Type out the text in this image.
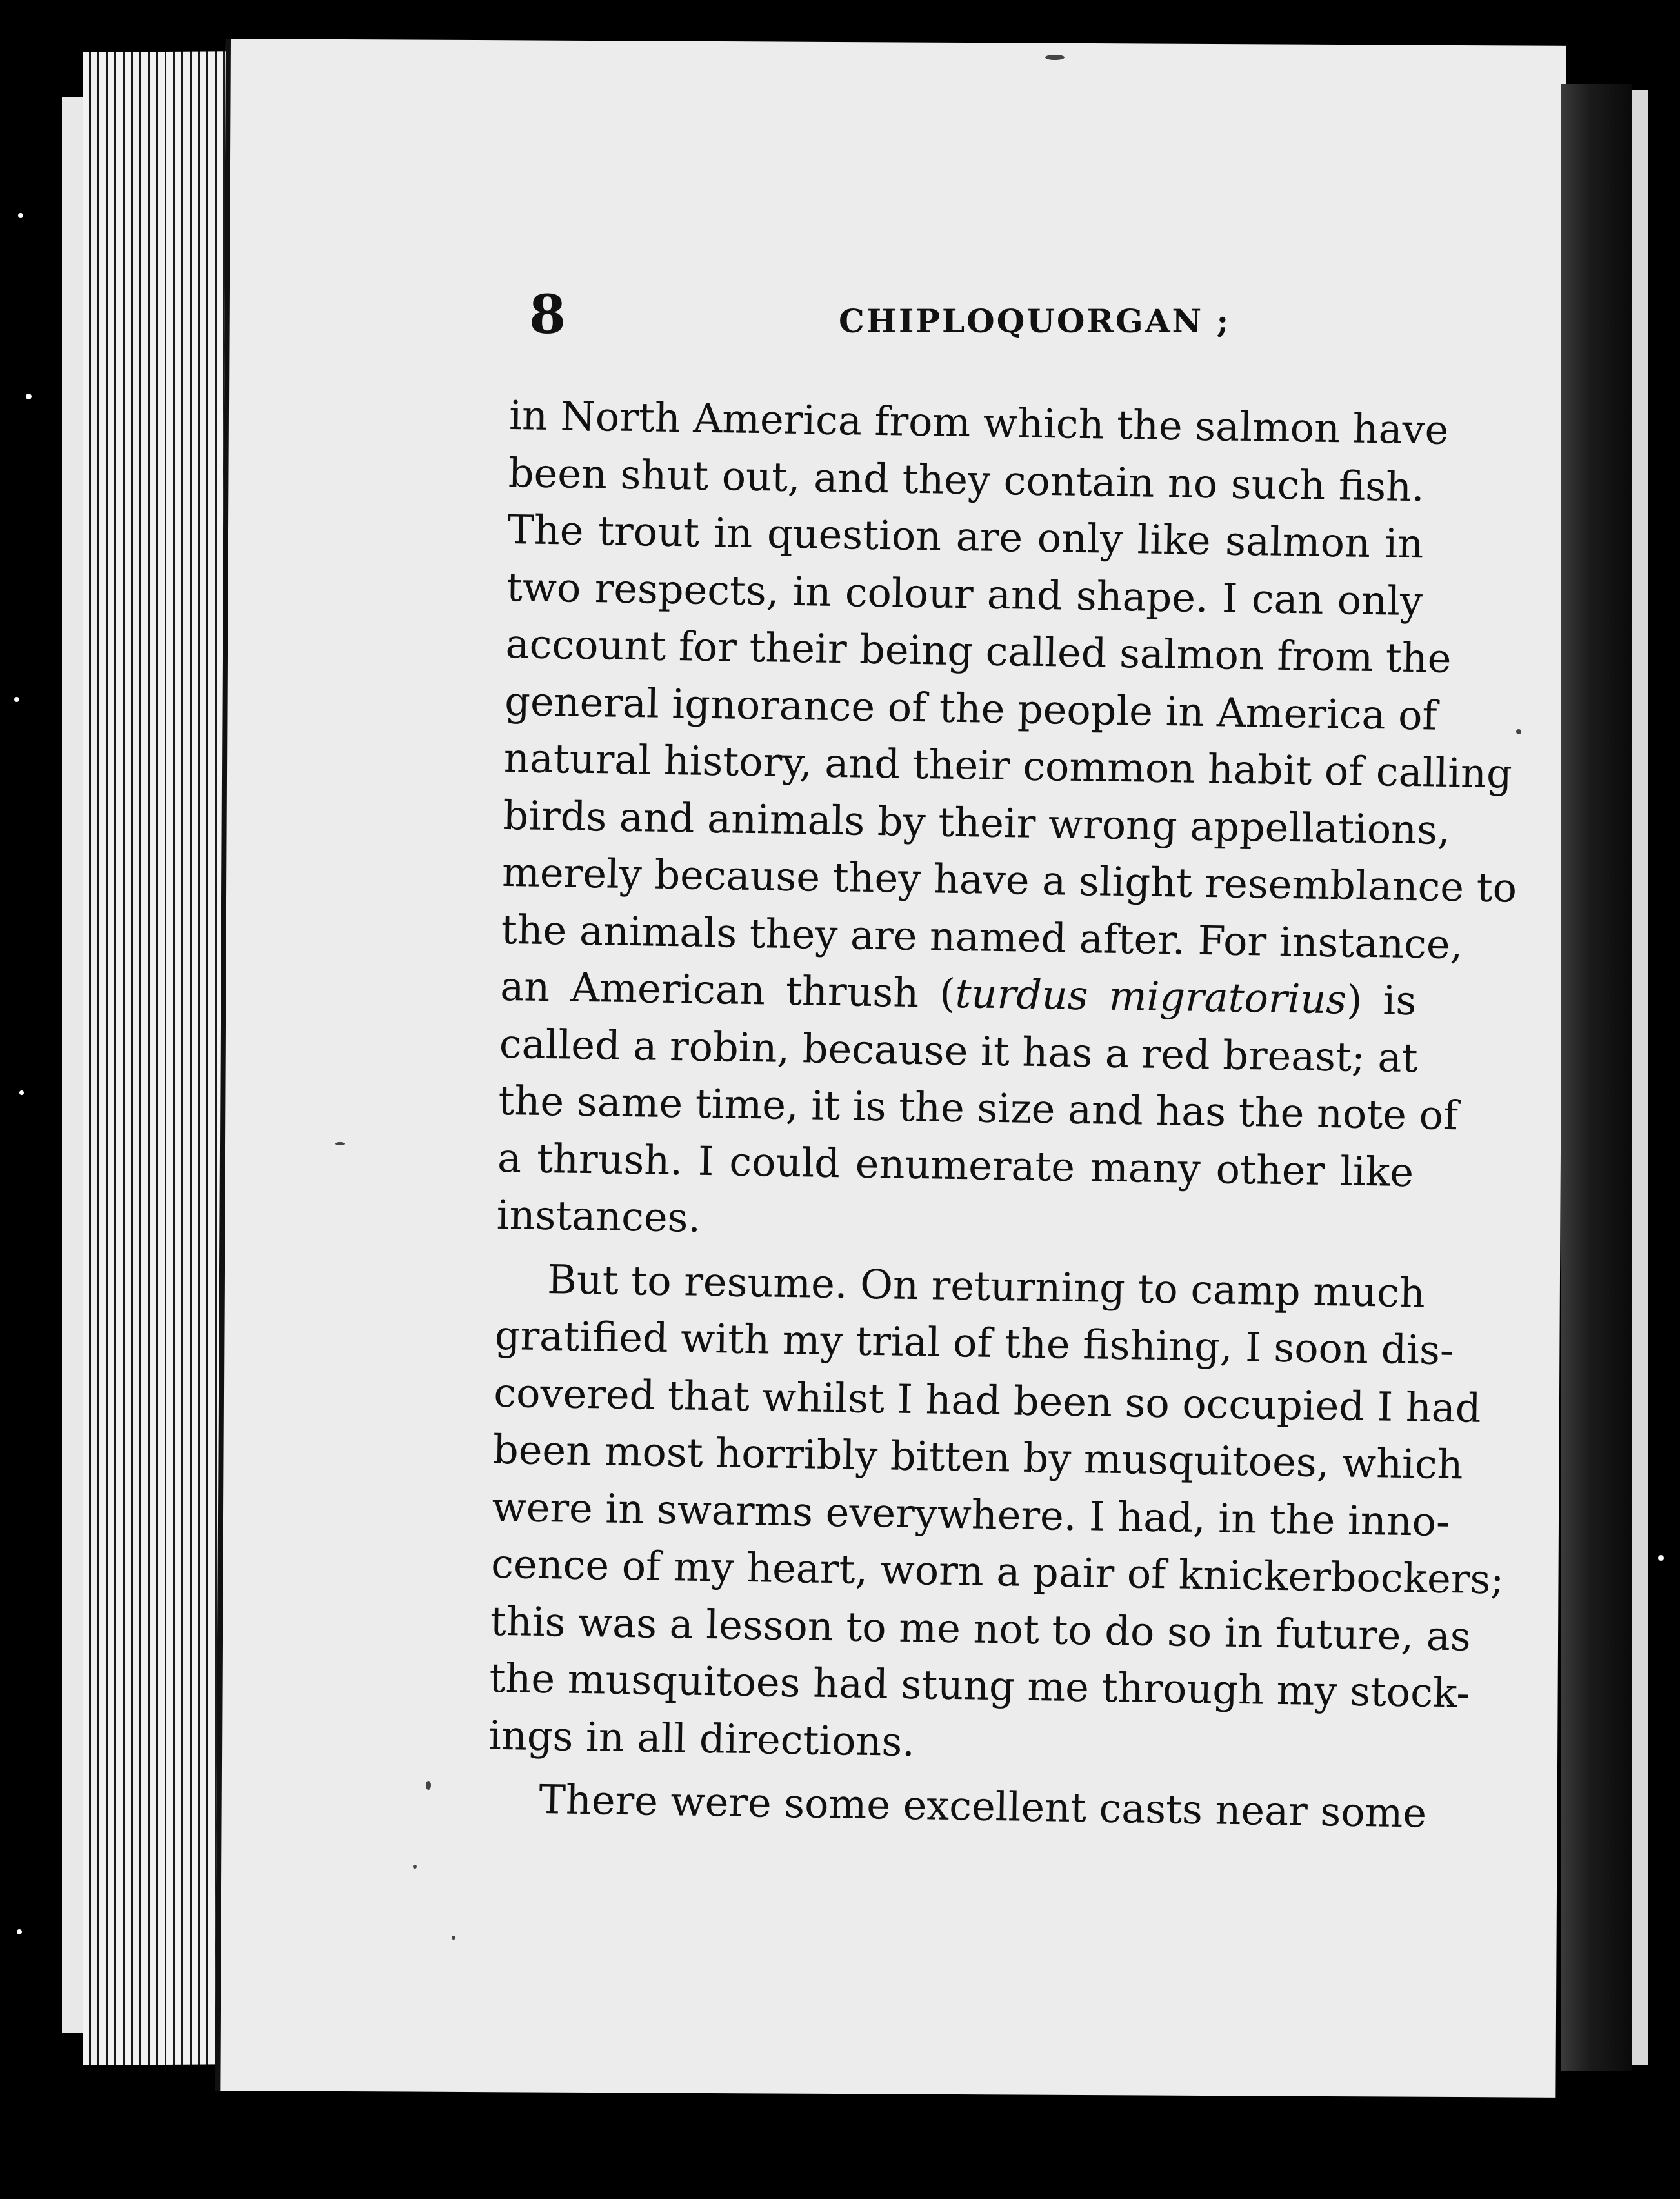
8	CHIPLOQUORGAN ;
in North America from which the salmon have
been shut out, and they contain no such fish.
The trout in question are only like salmon in
two respects, in colour and shape. I can only
account for their being called salmon from the
general ignorance of the people in America of
natural history, and their common habit of calling
birds and animals by their wrong appellations,
merely because they have a slight resemblance to
the animals they are named after. For instance,
an American thrush (turdus migratorius) is
called a robin, because it has a red breast; at
the same time, it is the size and has the note of
a thrush. I could enumerate many other like
instances.
But to resume. On returning to camp much
gratified with my trial of the fishing, I soon dis-
covered that whilst I had been so occupied I had
been most horribly bitten by musquitoes, which
were in swarms everywhere. I had, in the inno-
cence of my heart, worn a pair of knickerbockers;
this was a lesson to me not to do so in future, as
the musquitoes had stung me through my stock-
ings in all directions.
There were some excellent casts near some
